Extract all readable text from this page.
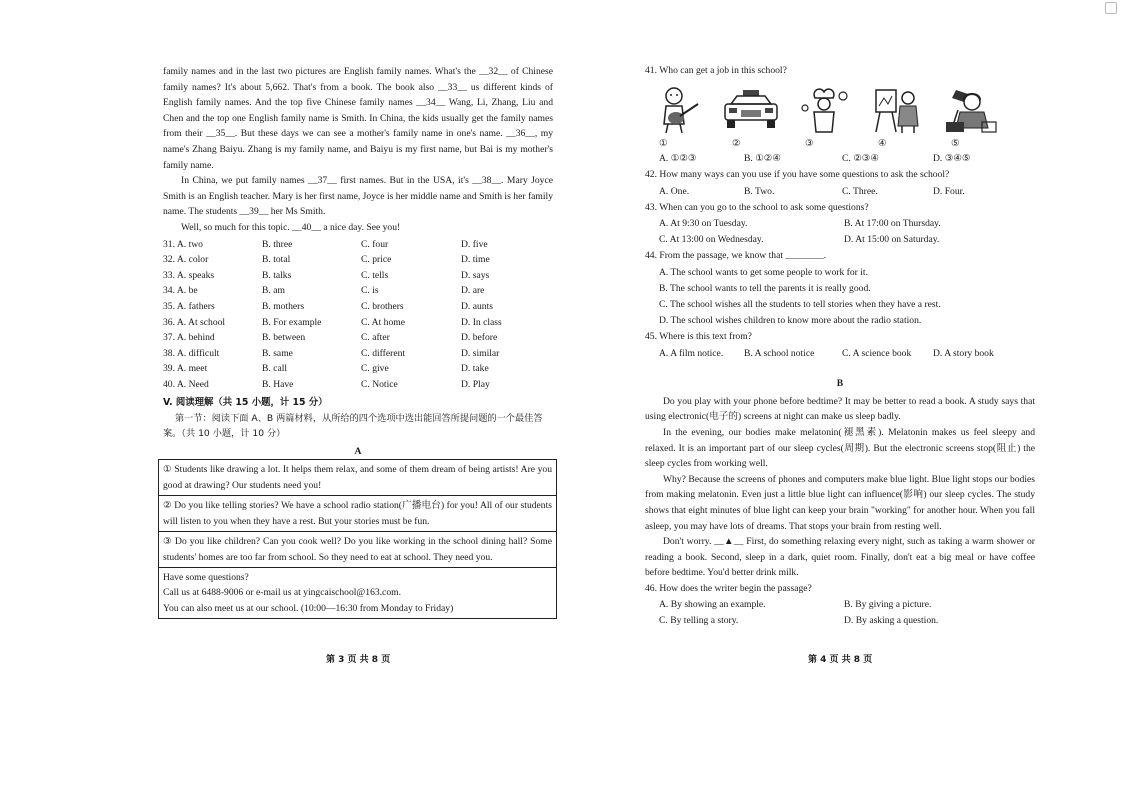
family names and in the last two pictures are English family names. What's the __32__ of Chinese family names? It's about 5,662. That's from a book. The book also __33__ us different kinds of English family names. And the top five Chinese family names __34__ Wang, Li, Zhang, Liu and Chen and the top one English family name is Smith. In China, the kids usually get the family names from their __35__. But these days we can see a mother's family name in one's name. __36__, my name's Zhang Baiyu. Zhang is my family name, and Baiyu is my first name, but Bai is my mother's family name.

In China, we put family names __37__ first names. But in the USA, it's __38__. Mary Joyce Smith is an English teacher. Mary is her first name, Joyce is her middle name and Smith is her family name. The students __39__ her Ms Smith.

Well, so much for this topic. __40__ a nice day. See you!

31. A. two	B. three	C. four	D. five
32. A. color	B. total	C. price	D. time
33. A. speaks	B. talks	C. tells	D. says
34. A. be	B. am	C. is	D. are
35. A. fathers	B. mothers	C. brothers	D. aunts
36. A. At school	B. For example	C. At home	D. In class
37. A. behind	B. between	C. after	D. before
38. A. difficult	B. same	C. different	D. similar
39. A. meet	B. call	C. give	D. take
40. A. Need	B. Have	C. Notice	D. Play
V. 阅读理解（共 15 小题，计 15 分）
第一节：阅读下面 A、B 两篇材料，从所给的四个选项中选出能回答所提问题的一个最佳答案。（共 10 小题，计 10 分）
A
① Students like drawing a lot. It helps them relax, and some of them dream of being artists! Are you good at drawing? Our students need you!
② Do you like telling stories? We have a school radio station(广播电台) for you! All of our students will listen to you when they have a rest. But your stories must be fun.
③ Do you like children? Can you cook well? Do you like working in the school dining hall? Some students' homes are too far from school. So they need to eat at school. They need you.
Have some questions?
Call us at 6488-9006 or e-mail us at yingcaischool@163.com.
You can also meet us at our school. (10:00—16:30 from Monday to Friday)
第 3 页 共 8 页
41. Who can get a job in this school?
①	②	③	④	⑤
A. ①②③	B. ①②④	C. ②③④	D. ③④⑤
42. How many ways can you use if you have some questions to ask the school?
A. One.	B. Two.	C. Three.	D. Four.
43. When can you go to the school to ask some questions?
A. At 9:30 on Tuesday.	B. At 17:00 on Thursday.
C. At 13:00 on Wednesday.	D. At 15:00 on Saturday.
44. From the passage, we know that ________.
A. The school wants to get some people to work for it.
B. The school wants to tell the parents it is really good.
C. The school wishes all the students to tell stories when they have a rest.
D. The school wishes children to know more about the radio station.
45. Where is this text from?
A. A film notice.	B. A school notice	C. A science book	D. A story book
B

Do you play with your phone before bedtime? It may be better to read a book. A study says that using electronic(电子的) screens at night can make us sleep badly.

In the evening, our bodies make melatonin(褪黑素). Melatonin makes us feel sleepy and relaxed. It is an important part of our sleep cycles(周期). But the electronic screens stop(阻止) the sleep cycles from working well.

Why? Because the screens of phones and computers make blue light. Blue light stops our bodies from making melatonin. Even just a little blue light can influence(影响) our sleep cycles. The study shows that eight minutes of blue light can keep your brain "working" for another hour. When you fall asleep, you may have lots of dreams. That stops your brain from resting well.

Don't worry. __▲__ First, do something relaxing every night, such as taking a warm shower or reading a book. Second, sleep in a dark, quiet room. Finally, don't eat a big meal or have coffee before bedtime. You'd better drink milk.

46. How does the writer begin the passage?
A. By showing an example.	B. By giving a picture.
C. By telling a story.	D. By asking a question.
第 4 页 共 8 页
